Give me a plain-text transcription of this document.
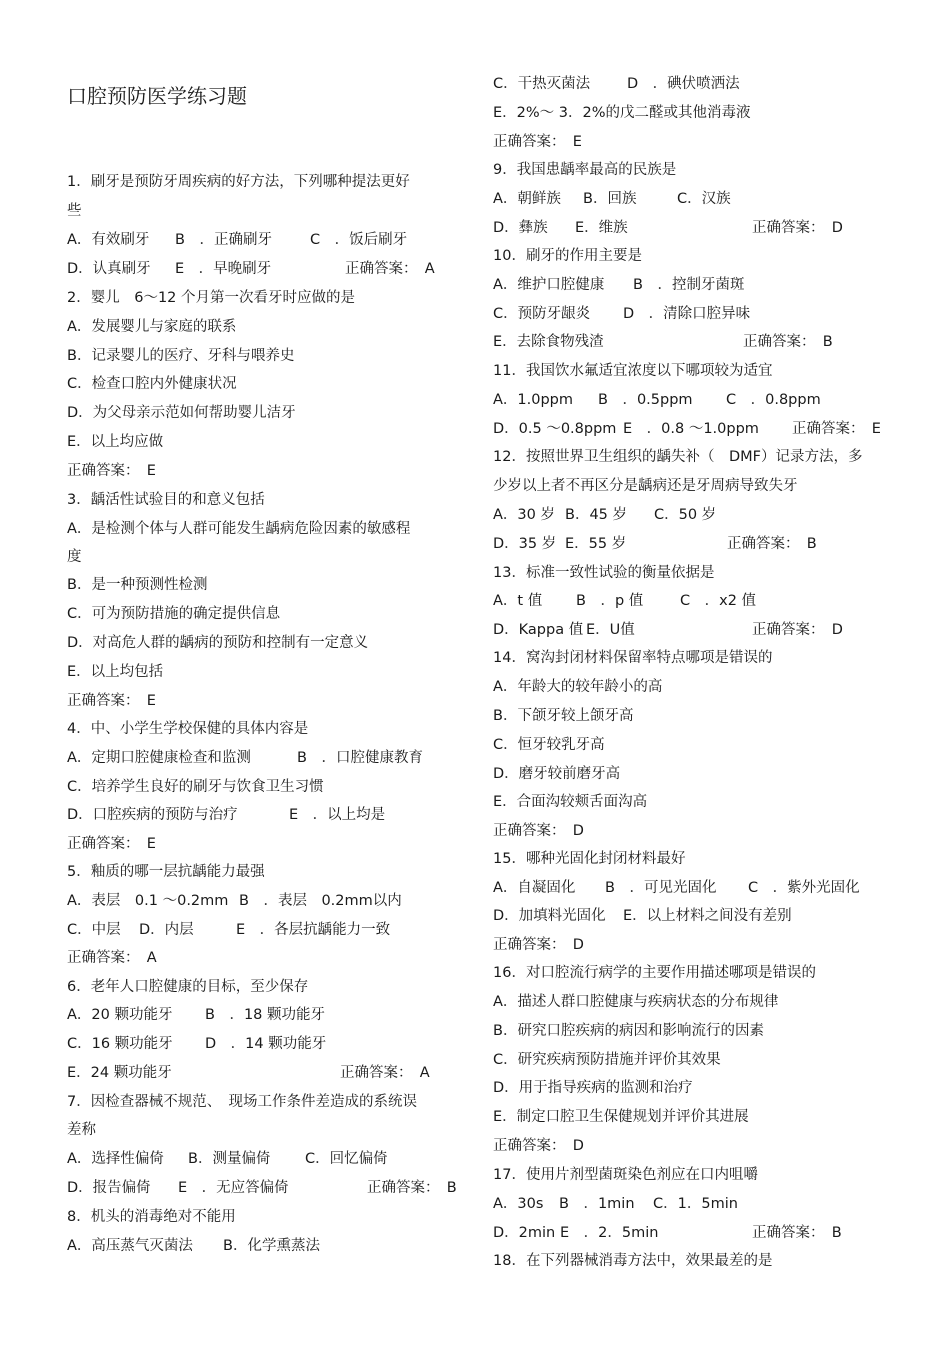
口腔预防医学练习题
1．刷牙是预防牙周疾病的好方法，下列哪种提法更好
些
A．有效刷牙 B　．正确刷牙	C　．饭后刷牙
D．认真刷牙 E　．早晚刷牙	正确答案：　A
2．婴儿　6～12 个月第一次看牙时应做的是
A．发展婴儿与家庭的联系
B．记录婴儿的医疗、牙科与喂养史
C．检查口腔内外健康状况
D．为父母亲示范如何帮助婴儿洁牙
E．以上均应做
正确答案：　E
3．龋活性试验目的和意义包括
A．是检测个体与人群可能发生龋病危险因素的敏感程
度
B．是一种预测性检测
C．可为预防措施的确定提供信息
D．对高危人群的龋病的预防和控制有一定意义
E．以上均包括
正确答案：　E
4．中、小学生学校保健的具体内容是
A．定期口腔健康检查和监测	B　．口腔健康教育
C．培养学生良好的刷牙与饮食卫生习惯
D．口腔疾病的预防与治疗	E　．以上均是
正确答案：　E
5．釉质的哪一层抗龋能力最强
A．表层　0.1 ～0.2mm B　．表层　0.2mm以内
C．中层 D．内层	E　．各层抗龋能力一致
正确答案：　A
6．老年人口腔健康的目标，至少保存
A．20 颗功能牙 B　．18 颗功能牙
C．16 颗功能牙 D　．14 颗功能牙
E．24 颗功能牙	正确答案：　A
7．因检查器械不规范、　现场工作条件差造成的系统误
差称
A．选择性偏倚 B．测量偏倚 C．回忆偏倚
D．报告偏倚 E　．无应答偏倚	正确答案：　B
8．机头的消毒绝对不能用
A．高压蒸气灭菌法 B．化学熏蒸法
C．干热灭菌法	D　．碘伏喷洒法
E．2%～ 3．2%的戊二醛或其他消毒液
正确答案：　E
9．我国患龋率最高的民族是
A．朝鲜族 B．回族	C．汉族
D．彝族 E．维族	正确答案：　D
10．刷牙的作用主要是
A．维护口腔健康 B　．控制牙菌斑
C．预防牙龈炎 D　．清除口腔异味
E．去除食物残渣	正确答案：　B
11．我国饮水氟适宜浓度以下哪项较为适宜
A．1.0ppm B　．0.5ppm C　．0.8ppm
D．0.5 ～0.8ppm E　．0.8 ～1.0ppm 正确答案：　E
12．按照世界卫生组织的龋失补（　DMF）记录方法，多
少岁以上者不再区分是龋病还是牙周病导致失牙
A．30 岁 B．45 岁 C．50 岁
D．35 岁 E．55 岁	正确答案：　B
13．标准一致性试验的衡量依据是
A．t 值 B　．p 值	C　．x2 值
D．Kappa 值 E．U值	正确答案：　D
14．窝沟封闭材料保留率特点哪项是错误的
A．年龄大的较年龄小的高
B．下颌牙较上颌牙高
C．恒牙较乳牙高
D．磨牙较前磨牙高
E．合面沟较颊舌面沟高
正确答案：　D
15．哪种光固化封闭材料最好
A．自凝固化 B　．可见光固化 C　．紫外光固化
D．加填料光固化 E．以上材料之间没有差别
正确答案：　D
16．对口腔流行病学的主要作用描述哪项是错误的
A．描述人群口腔健康与疾病状态的分布规律
B．研究口腔疾病的病因和影响流行的因素
C．研究疾病预防措施并评价其效果
D．用于指导疾病的监测和治疗
E．制定口腔卫生保健规划并评价其进展
正确答案：　D
17．使用片剂型菌斑染色剂应在口内咀嚼
A．30s B　．1min C．1．5min
D．2min E　．2．5min	正确答案：　B
18．在下列器械消毒方法中，效果最差的是
